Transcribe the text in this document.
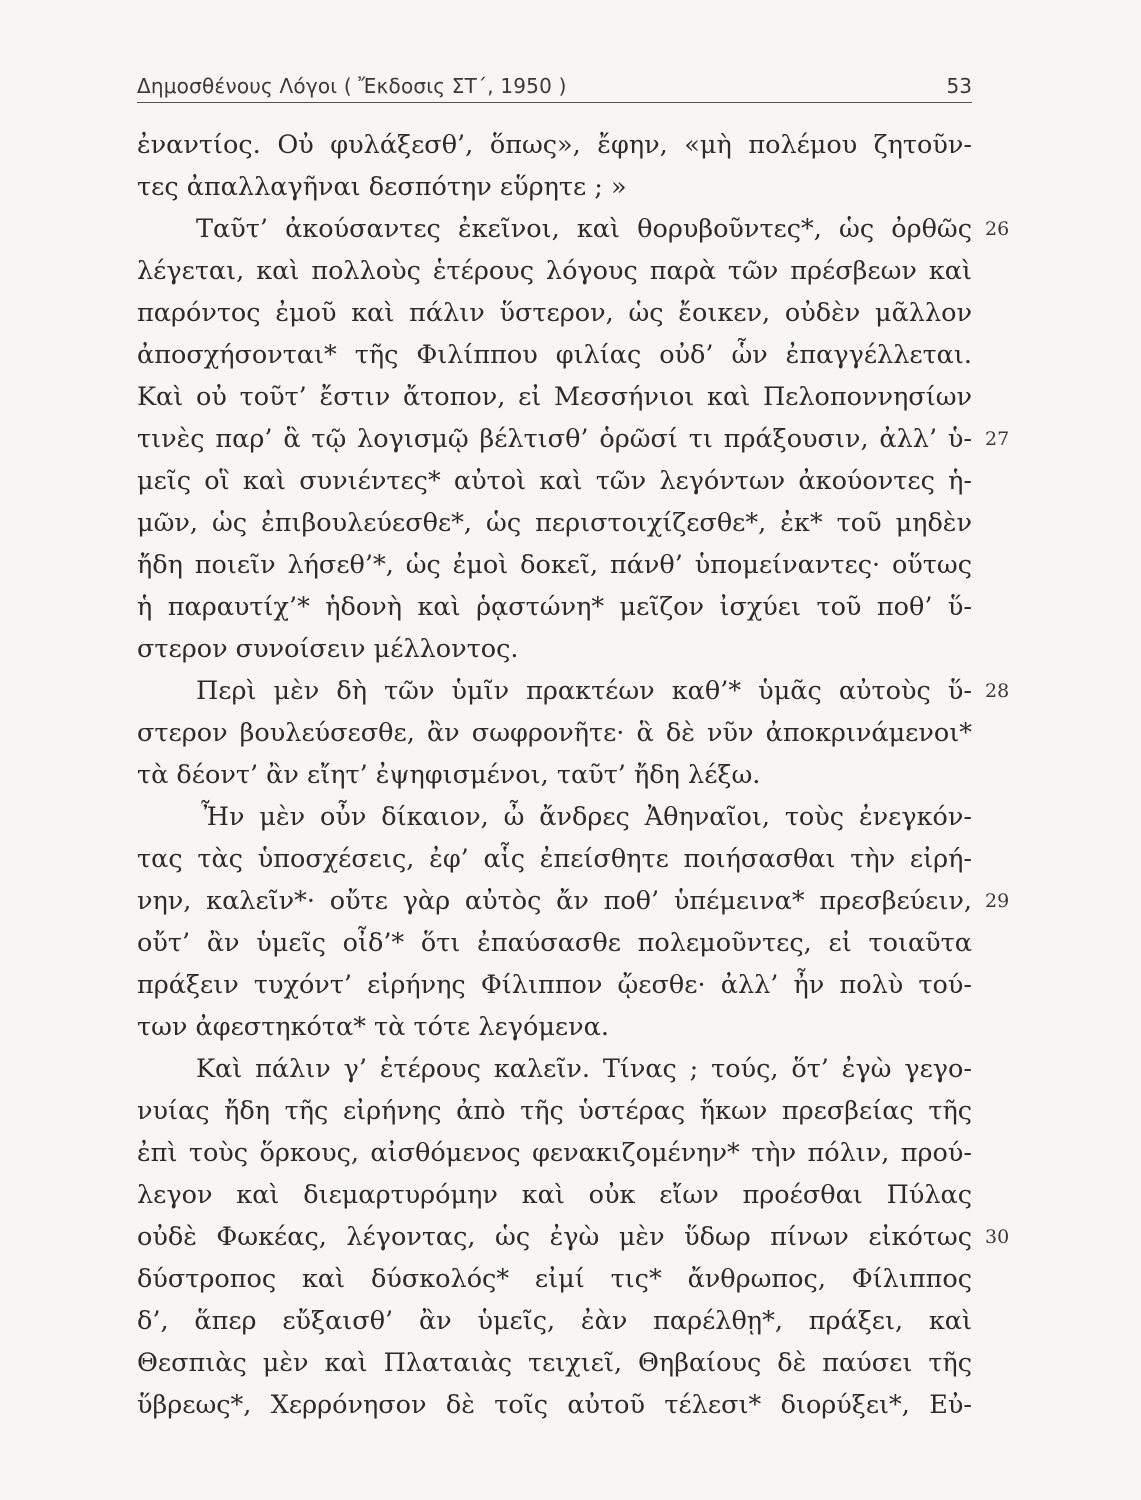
Δημοσθένους Λόγοι ( Ἔκδοσις ΣΤ΄, 1950 )	53
ἐναντίος. Οὐ φυλάξεσθ’, ὅπως», ἔφην, «μὴ πολέμου ζητοῦν-
τες ἀπαλλαγῆναι δεσπότην εὕρητε ; »
Ταῦτ’ ἀκούσαντες ἐκεῖνοι, καὶ θορυβοῦντες*, ὡς ὀρθῶς 26
λέγεται, καὶ πολλοὺς ἑτέρους λόγους παρὰ τῶν πρέσβεων καὶ
παρόντος ἐμοῦ καὶ πάλιν ὕστερον, ὡς ἔοικεν, οὐδὲν μᾶλλον
ἀποσχήσονται* τῆς Φιλίππου φιλίας οὐδ’ ὧν ἐπαγγέλλεται.
Καὶ οὐ τοῦτ’ ἔστιν ἄτοπον, εἰ Μεσσήνιοι καὶ Πελοποννησίων
τινὲς παρ’ ἃ τῷ λογισμῷ βέλτισθ’ ὁρῶσί τι πράξουσιν, ἀλλ’ ὑ- 27
μεῖς οἳ καὶ συνιέντες* αὐτοὶ καὶ τῶν λεγόντων ἀκούοντες ἡ-
μῶν, ὡς ἐπιβουλεύεσθε*, ὡς περιστοιχίζεσθε*, ἐκ* τοῦ μηδὲν
ἤδη ποιεῖν λήσεθ’*, ὡς ἐμοὶ δοκεῖ, πάνθ’ ὑπομείναντες· οὕτως
ἡ παραυτίχ’* ἡδονὴ καὶ ῥᾳστώνη* μεῖζον ἰσχύει τοῦ ποθ’ ὕ-
στερον συνοίσειν μέλλοντος.
Περὶ μὲν δὴ τῶν ὑμῖν πρακτέων καθ’* ὑμᾶς αὐτοὺς ὕ- 28
στερον βουλεύσεσθε, ἂν σωφρονῆτε· ἃ δὲ νῦν ἀποκρινάμενοι*
τὰ δέοντ’ ἂν εἴητ’ ἐψηφισμένοι, ταῦτ’ ἤδη λέξω.
Ἦν μὲν οὖν δίκαιον, ὦ ἄνδρες Ἀθηναῖοι, τοὺς ἐνεγκόν-
τας τὰς ὑποσχέσεις, ἐφ’ αἷς ἐπείσθητε ποιήσασθαι τὴν εἰρή-
νην, καλεῖν*· οὔτε γὰρ αὐτὸς ἄν ποθ’ ὑπέμεινα* πρεσβεύειν, 29
οὔτ’ ἂν ὑμεῖς οἶδ’* ὅτι ἐπαύσασθε πολεμοῦντες, εἰ τοιαῦτα
πράξειν τυχόντ’ εἰρήνης Φίλιππον ᾤεσθε· ἀλλ’ ἦν πολὺ τού-
των ἀφεστηκότα* τὰ τότε λεγόμενα.
Καὶ πάλιν γ’ ἑτέρους καλεῖν. Τίνας ; τούς, ὅτ’ ἐγὼ γεγο-
νυίας ἤδη τῆς εἰρήνης ἀπὸ τῆς ὑστέρας ἥκων πρεσβείας τῆς
ἐπὶ τοὺς ὅρκους, αἰσθόμενος φενακιζομένην* τὴν πόλιν, πρού-
λεγον καὶ διεμαρτυρόμην καὶ οὐκ εἴων προέσθαι Πύλας
οὐδὲ Φωκέας, λέγοντας, ὡς ἐγὼ μὲν ὕδωρ πίνων εἰκότως 30
δύστροπος καὶ δύσκολός* εἰμί τις* ἄνθρωπος, Φίλιππος
δ’, ἅπερ εὔξαισθ’ ἂν ὑμεῖς, ἐὰν παρέλθῃ*, πράξει, καὶ
Θεσπιὰς μὲν καὶ Πλαταιὰς τειχιεῖ, Θηβαίους δὲ παύσει τῆς
ὕβρεως*, Χερρόνησον δὲ τοῖς αὐτοῦ τέλεσι* διορύξει*, Εὐ-
